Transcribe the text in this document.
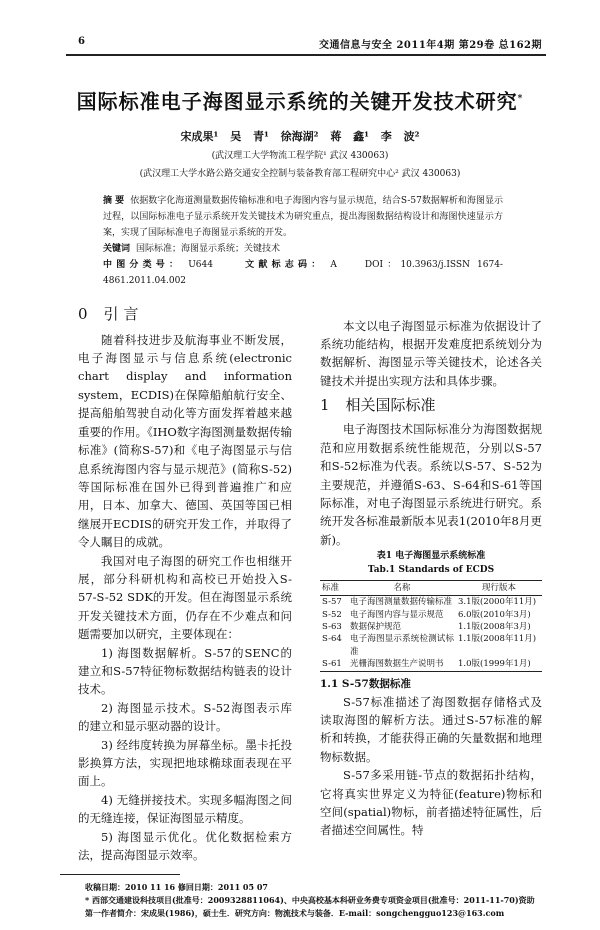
6	交通信息与安全 2011年4期 第29卷 总162期
国际标准电子海图显示系统的关键开发技术研究*
宋成果¹ 吴 青¹ 徐海湖² 蒋 鑫¹ 李 波²
(武汉理工大学物流工程学院¹ 武汉 430063)
(武汉理工大学水路公路交通安全控制与装备教育部工程研究中心² 武汉 430063)
摘 要 依据数字化海道测量数据传输标准和电子海图内容与显示规范，结合S-57数据解析和海图显示过程，以国际标准电子显示系统开发关键技术为研究重点，提出海图数据结构设计和海图快速显示方案，实现了国际标准电子海图显示系统的开发。
关键词 国际标准；海图显示系统；关键技术
中图分类号： U644	文献标志码： A	DOI：10.3963/j.ISSN 1674-4861.2011.04.002
0 引 言

随着科技进步及航海事业不断发展，电子海图显示与信息系统(electronic chart display and information system，ECDIS)在保障船舶航行安全、提高船舶驾驶自动化等方面发挥着越来越重要的作用。《IHO数字海图测量数据传输标准》(简称S-57)和《电子海图显示与信息系统海图内容与显示规范》(简称S-52)等国际标准在国外已得到普遍推广和应用，日本、加拿大、德国、英国等国已相继展开ECDIS的研究开发工作，并取得了令人瞩目的成就。

我国对电子海图的研究工作也相继开展，部分科研机构和高校已开始投入S-57-S-52 SDK的开发。但在海图显示系统开发关键技术方面，仍存在不少难点和问题需要加以研究，主要体现在：

1) 海图数据解析。S-57的SENC的建立和S-57特征物标数据结构链表的设计技术。

2) 海图显示技术。S-52海图表示库的建立和显示驱动器的设计。

3) 经纬度转换为屏幕坐标。墨卡托投影换算方法，实现把地球椭球面表现在平面上。

4) 无缝拼接技术。实现多幅海图之间的无缝连接，保证海图显示精度。

5) 海图显示优化。优化数据检索方法，提高海图显示效率。

本文以电子海图显示标准为依据设计了系统功能结构，根据开发难度把系统划分为数据解析、海图显示等关键技术，论述各关键技术并提出实现方法和具体步骤。

1 相关国际标准

电子海图技术国际标准分为海图数据规范和应用数据系统性能规范，分别以S-57和S-52标准为代表。系统以S-57、S-52为主要规范，并遵循S-63、S-64和S-61等国际标准，对电子海图显示系统进行研究。系统开发各标准最新版本见表1(2010年8月更新)。

表1 电子海图显示系统标准
Tab.1 Standards of ECDS
标准	名称	现行版本
S-57	电子海图测量数据传输标准	3.1版(2000年11月)
S-52	电子海图内容与显示规范	6.0版(2010年3月)
S-63	数据保护规范	1.1版(2008年3月)
S-64	电子海图显示系统检测试标准	1.1版(2008年11月)
S-61	光栅海图数据生产说明书	1.0版(1999年1月)
1.1 S-57数据标准

S-57标准描述了海图数据存储格式及读取海图的解析方法。通过S-57标准的解析和转换，才能获得正确的矢量数据和地理物标数据。

S-57多采用链-节点的数据拓扑结构，它将真实世界定义为特征(feature)物标和空间(spatial)物标，前者描述特征属性，后者描述空间属性。特

收稿日期：2010 11 16 修回日期：2011 05 07
* 西部交通建设科技项目(批准号：2009328811064)、中央高校基本科研业务费专项资金项目(批准号：2011-11-70)资助
第一作者简介：宋成果(1986)，硕士生．研究方向：物流技术与装备．E-mail：songchengguo123@163.com
